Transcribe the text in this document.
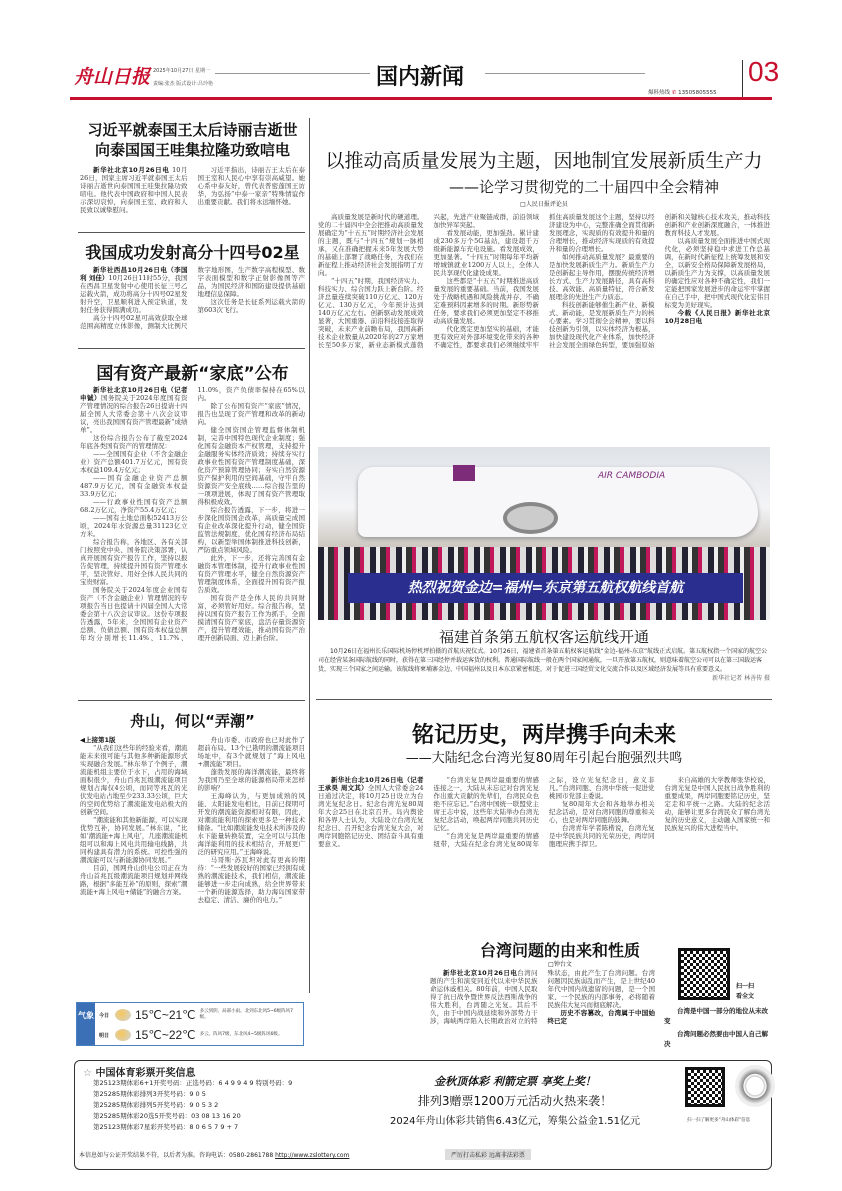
舟山日报 2025年10月27日 星期一
责编:张杰 版式设计:吕玲艳	国内新闻
爆料热线 ✆ 13505805555
03
习近平就泰国王太后诗丽吉逝世
向泰国国王哇集拉隆功致唁电

新华社北京10月26日电 10月26日，国家主席习近平就泰国王太后诗丽吉逝世向泰国国王哇集拉隆功致唁电。他代表中国政府和中国人民表示深切哀悼，向泰国王室、政府和人民致以诚挚慰问。

习近平指出，诗丽吉王太后在泰国王室和人民心中享有崇高威望。她心系中泰友好，曾代表普密蓬国王访华，为弘扬“中泰一家亲”特殊情谊作出重要贡献。我们将永远缅怀她。

我国成功发射高分十四号02星

新华社西昌10月26日电（李国利 刘佳）10月26日11时55分，我国在西昌卫星发射中心使用长征三号乙运载火箭，成功将高分十四号02星发射升空，卫星顺利进入预定轨道，发射任务获得圆满成功。

高分十四号02星可高效获取全球范围高精度立体影像，测制大比例尺数字地形图，生产数字高程模型、数字表面模型和数字正射影像图等产品，为国民经济和国防建设提供基础地理信息保障。

这次任务是长征系列运载火箭的第603次飞行。

国有资产最新“家底”公布

新华社北京10月26日电（记者 申铖）国务院关于2024年度国有资产管理情况的综合报告26日提请十四届全国人大常委会第十八次会议审议，亮出我国国有资产管理最新“成绩单”。

这份综合报告公布了截至2024年底各类国有资产的管理情况：

——全国国有企业（不含金融企业）资产总额401.7万亿元，国有资本权益109.4万亿元；

——国有金融企业资产总额487.9万亿元，国有金融资本权益33.9万亿元；

——行政事业性国有资产总额68.2万亿元，净资产55.4万亿元；

——国有土地总面积52413万公顷，2024年水资源总量31123亿立方米。

综合报告称，各地区、各有关部门按照党中央、国务院决策部署，认真开展国有资产报告工作，坚持以报告促管理，持续提升国有资产管理水平，坚决管好、用好全体人民共同的宝贵财富。

国务院关于2024年度企业国有资产（不含金融企业）管理情况的专项报告当日也提请十四届全国人大常委会第十八次会议审议。这份专项报告透露，5年来，全国国有企业资产总额、负债总额、国有资本权益总额年均分别增长11.4%、11.7%、11.0%，资产负债率保持在65%以内。

除了公布国有资产“家底”情况，报告也呈现了资产管理和改革的新动向。

健全国资国企管理监督体制机制，完善中国特色现代企业制度；强化国有金融资本产权管理，支持提升金融服务实体经济质效；持续夯实行政事业性国有资产管理制度基础，深化资产预算管理协同；夯实自然资源资产保护利用的空间基础，守牢自然资源资产安全底线……综合报告里的一项项进展，体现了国有资产管理取得积极成效。

综合报告透露，下一步，将进一步深化国资国企改革，高质量完成国有企业改革深化提升行动，健全国资监管法规制度，优化国有经济布局结构，以新型举国体制推进科技创新，严防重点领域风险。

此外，下一步，还将完善国有金融资本管理体制，提升行政事业性国有资产管理水平，健全自然资源资产管理制度体系，全面提升国有资产报告质效。

国有资产是全体人民的共同财富，必须管好用好。综合报告称，坚持以国有资产报告工作为抓手，全面摸清国有资产家底，盘活存量资源资产，提升管理效能，推动国有资产治理开创新局面、迈上新台阶。

舟山，何以“弄潮”
◀上接第1版

“从我们这些年的经验来看，潮流能未来很可能与其他多种新能源形式实现融合发展。”林东举了个例子，潮流能机组主要位于水下，占用的海域面积很少，舟山百兆瓦级潮流能项目规划占海仅4公顷，而同等兆瓦的光伏发电站占地至少233.33公顷，巨大的空间优势给了潮流能发电站极大的创新空间。

“潮流能和其他新能源，可以实现优势互补，协同发展。”林东说，“比如‘潮流能+海上风电’，几座潮流能机组可以和海上风电共用输电线路，共同构建具有潜力的系统。可控性强的潮流能可以与新能源协同发展。”

目前，国网舟山供电公司正在为舟山首兆瓦级潮流能项目规划并网线路，根据“多能互补”的原则，探索“潮流能+海上风电+储能”的融合方案。

舟山市委、市政府也已对此作了超前布局。13个已勘明的潮流能项目场址中，有3个就规划了“海上风电+潮流能”项目。

蓬勃发展的海洋潮流能，最终将为我国乃至全球的能源格局带来怎样的影响？

王海峰认为，与更加成熟的风能、太阳能发电相比，目前已探明可开发的潮流能资源相对有限，因此，对潮流能利用的探索更多是一种技术储备。“比如潮流能发电技术所涉及的水下能量转换装置，完全可以与其他海洋能利用的技术相结合，开展更广泛的研究应用。”王海峰说。

马哥斯·苏瓦坦对此有更高的期待：“一些发展较好的国家已经拥有成熟的潮流能技术，我们相信，潮流能能够进一步走向成熟，给全世界带来一个新的能源选择，助力海岛国家带去稳定、清洁、廉价的电力。”

气象 今日 15℃~21℃ 多云到阴，局部小雨。北到东北风5~6级阵风7级。
明日 15℃~22℃ 多云。阵风7级，东北风4~5级阵风6级。
以推动高质量发展为主题，因地制宜发展新质生产力
——论学习贯彻党的二十届四中全会精神
□人民日报评论员

高质量发展是新时代的硬道理。党的二十届四中全会把推动高质量发展确定为“十五五”时期经济社会发展的主题，既与“十四五”规划一脉相承，又在准确把握未来5年发展大势的基础上部署了战略任务，为我们在新征程上推动经济社会发展指明了方向。

“十四五”时期，我国经济实力、科技实力、综合国力跃上新台阶。经济总量连续突破110万亿元、120万亿元、130万亿元，今年预计达到140万亿元左右。创新驱动发展成效显著，大国重器、前沿科技接连取得突破，未来产业前瞻布局，我国高新技术企业数量从2020年的27万家增长至50多万家，新业态新模式蓬勃兴起，先进产业聚链成群，前沿领域加快异军突起。

看发展动能，更加强劲。累计建成230多万个5G基站，建设超千万级新能源车充电设施。看发展成效，更加显著。“十四五”时期每年平均新增城镇就业1200万人以上，全体人民共享现代化建设成果。

这些都是“十五五”时期推进高质量发展的重要基础。当前，我国发展处于战略机遇和风险挑战并存、不确定难预料因素增多的时期。新形势新任务，要求我们必须更加坚定不移推动高质量发展。

代化奠定更加坚实的基础，才能更有效应对外部环境变化带来的各种不确定性，都要求我们必须继续牢牢抓住高质量发展这个主题，坚持以经济建设为中心，完整准确全面贯彻新发展理念，实现质的有效提升和量的合理增长，推动经济实现质的有效提升和量的合理增长。

如何推动高质量发展？最重要的是加快发展新质生产力。新质生产力是创新起主导作用，摆脱传统经济增长方式、生产力发展路径，具有高科技、高效能、高质量特征，符合新发展理念的先进生产力质态。

科技创新能够催生新产业、新模式、新动能，是发展新质生产力的核心要素。学习贯彻全会精神，要以科技创新为引领，以实体经济为根基，加快建设现代化产业体系，加快经济社会发展全面绿色转型，要加强原始创新和关键核心技术攻关，推动科技创新和产业创新深度融合，一体推进教育科技人才发展。

以高质量发展全面推进中国式现代化，必须坚持稳中求进工作总基调，在新时代新征程上统筹发展和安全，以新安全格局保障新发展格局，以新质生产力为支撑，以高质量发展的确定性应对各种不确定性，我们一定能把国家发展进步的命运牢牢掌握在自己手中，把中国式现代化宏伟目标变为美好现实。

今载《人民日报》新华社北京10月28日电

AIR CAMBODIA
热烈祝贺金边=福州=东京第五航权航线首航
福建首条第五航权客运航线开通
10月26日在福州长乐国际机场停机坪拍摄的首航庆祝仪式。10月26日，福建省首条第五航权客运航线“金边-福州-东京”航线正式启航。第五航权指一个国家的航空公司在经营某条国际航线的同时，获得在第三国经停并载运客货的权利。普通国际航线一般在两个国家间通航，一旦开放第五航权，则意味着航空公司可以在第三国载运客货，实现三个国家之间运输。该航线将柬埔寨金边、中国福州以及日本东京紧密相连，对于促进三国经贸文化交流合作以及区域经济发展等具有重要意义。
新华社记者 林善传 摄
铭记历史，两岸携手向未来
——大陆纪念台湾光复80周年引起台胞强烈共鸣

新华社台北10月26日电（记者 王承昊 周文其）全国人大常委会24日通过决定，将10月25日设立为台湾光复纪念日。纪念台湾光复80周年大会25日在北京召开。岛内舆论和各界人士认为，大陆设立台湾光复纪念日、召开纪念台湾光复大会，对两岸同胞铭记历史、团结奋斗具有重要意义。

“台湾光复是两岸最重要的情感连接之一，大陆从未忘记对台湾光复作出重大贡献的先辈们，台湾民众也绝不应忘记。”台湾中国统一联盟党主席王志中说，这些年大陆举办台湾光复纪念活动，唤起两岸同胞共同历史记忆。

“台湾光复是两岸最重要的情感纽带，大陆在纪念台湾光复80周年之际，设立光复纪念日，意义非凡。”台湾同胞、台湾中华统一促进党桃园市党部主委说。

复80周年大会和各地举办相关纪念活动，是对台湾同胞的尊重和关心，也是对两岸同胞的鼓舞。

台湾青年学者陈楷说，台湾光复是中华民族共同的光荣历史，两岸同胞理应携手捍卫。

来自高雄的大学教师张华校说，台湾光复是中国人民抗日战争胜利的重要成果，两岸同胞要铭记历史，坚定走和平统一之路。大陆的纪念活动，能够让更多台湾民众了解台湾光复的历史意义，主动融入国家统一和民族复兴的伟大进程当中。

台湾问题的由来和性质
□钟台文

新华社北京10月26日电台湾问题的产生和演变同近代以来中华民族命运休戚相关。80年前，中国人民取得了抗日战争暨世界反法西斯战争的伟大胜利，台湾随之光复。其后不久，由于中国内战延续和外部势力干涉，海峡两岸陷入长期政治对立的特殊状态，由此产生了台湾问题。台湾问题因民族弱乱而产生，是上世纪40年代中国内战遗留的问题，是一个国家、一个民族的内部事务，必将随着民族伟大复兴而彻底解决。

历史不容篡改，台湾属于中国始终已定

扫一扫
看全文
台湾是中国一部分的地位从未改变
台湾问题必然要由中国人自己解决
☆ 中国体育彩票开奖信息
第25123期体彩6+1开奖号码：正选号码：6 4 9 9 4 9 特别号码：9
第25285期体彩排列3开奖号码：9 0 5
第25285期体彩排列5开奖号码：9 0 5 3 2
第25285期体彩20选5开奖号码：03 08 13 16 20
第25123期体彩7星彩开奖号码：8 0 6 5 7 9 + 7
本信息如与公证开奖结果不符，以后者为准。咨询电话：0580-2861788 http://www.zslottery.com
金秋顶体彩 利箭定票 享奖上奖！
排列3赠票1200万元活动火热来袭！
2024年舟山体彩共销售6.43亿元，筹集公益金1.51亿元
严厉打击私彩 远离非法彩票
扫一扫了解更多“舟山体彩”信息
